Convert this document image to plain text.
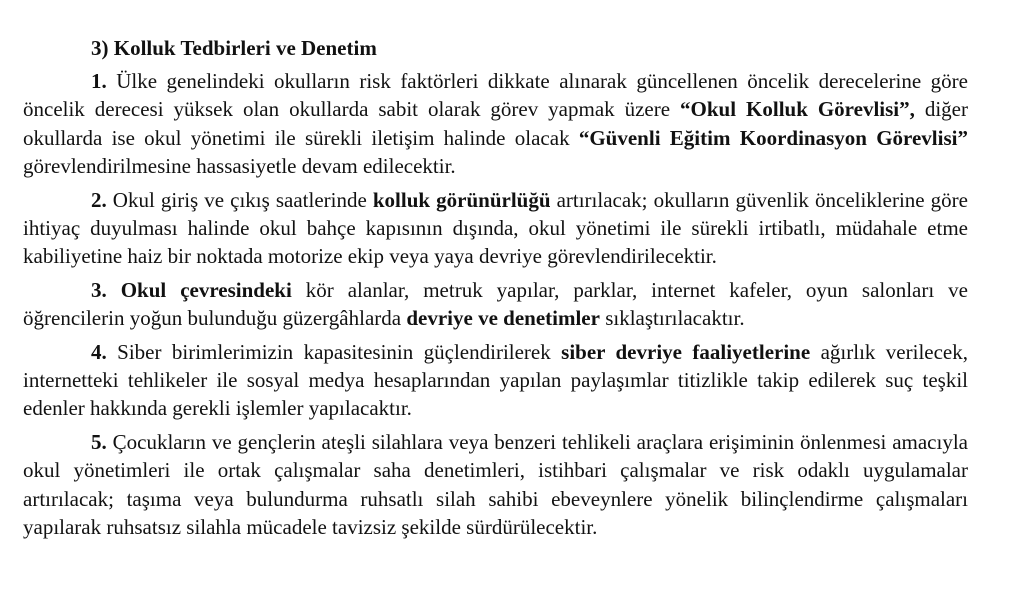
3) Kolluk Tedbirleri ve Denetim

1. Ülke genelindeki okulların risk faktörleri dikkate alınarak güncellenen öncelik derecelerine göre öncelik derecesi yüksek olan okullarda sabit olarak görev yapmak üzere “Okul Kolluk Görevlisi”, diğer okullarda ise okul yönetimi ile sürekli iletişim halinde olacak “Güvenli Eğitim Koordinasyon Görevlisi” görevlendirilmesine hassasiyetle devam edilecektir.

2. Okul giriş ve çıkış saatlerinde kolluk görünürlüğü artırılacak; okulların güvenlik önceliklerine göre ihtiyaç duyulması halinde okul bahçe kapısının dışında, okul yönetimi ile sürekli irtibatlı, müdahale etme kabiliyetine haiz bir noktada motorize ekip veya yaya devriye görevlendirilecektir.

3. Okul çevresindeki kör alanlar, metruk yapılar, parklar, internet kafeler, oyun salonları ve öğrencilerin yoğun bulunduğu güzergâhlarda devriye ve denetimler sıklaştırılacaktır.

4. Siber birimlerimizin kapasitesinin güçlendirilerek siber devriye faaliyetlerine ağırlık verilecek, internetteki tehlikeler ile sosyal medya hesaplarından yapılan paylaşımlar titizlikle takip edilerek suç teşkil edenler hakkında gerekli işlemler yapılacaktır.

5. Çocukların ve gençlerin ateşli silahlara veya benzeri tehlikeli araçlara erişiminin önlenmesi amacıyla okul yönetimleri ile ortak çalışmalar saha denetimleri, istihbari çalışmalar ve risk odaklı uygulamalar artırılacak; taşıma veya bulundurma ruhsatlı silah sahibi ebeveynlere yönelik bilinçlendirme çalışmaları yapılarak ruhsatsız silahla mücadele tavizsiz şekilde sürdürülecektir.
